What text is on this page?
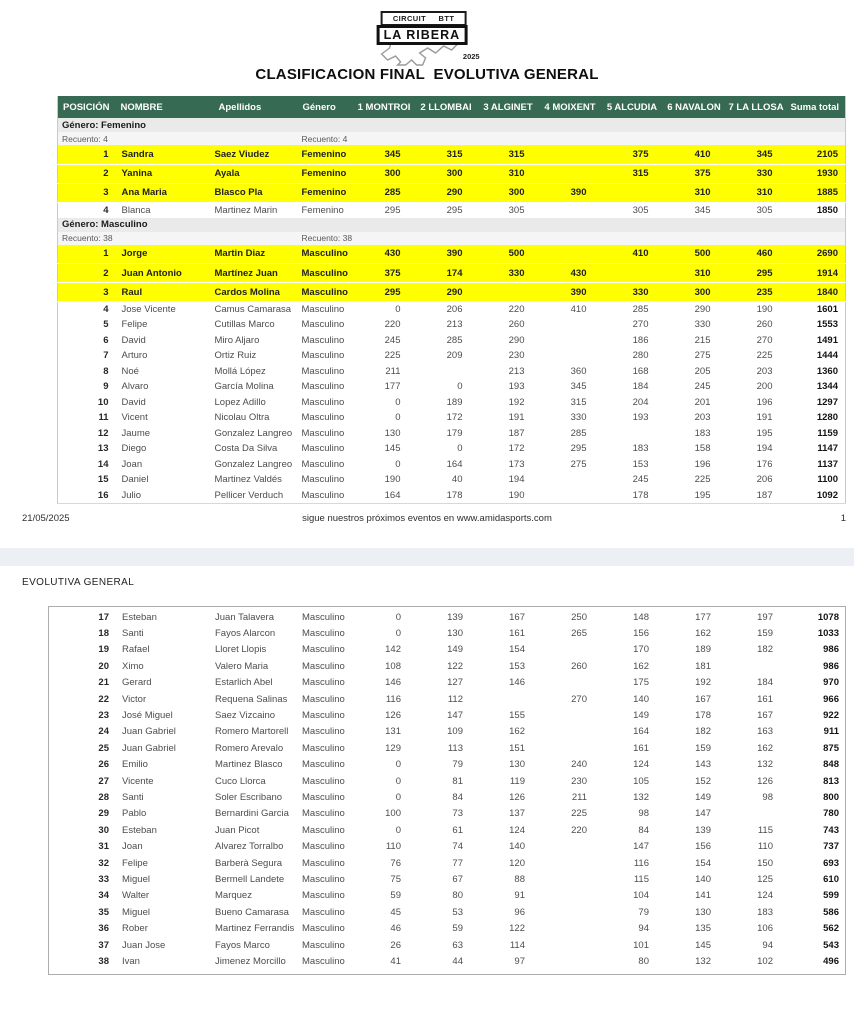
CIRCUIT BTT
LA RIBERA
2025
CLASIFICACION FINAL  EVOLUTIVA GENERAL
POSICIÓN	NOMBRE	Apellidos	Género	1 MONTROI	2 LLOMBAI	3 ALGINET	4 MOIXENT	5 ALCUDIA	6 NAVALON	7 LA LLOSA	Suma total
Género: Femenino											
Recuento: 4			Recuento: 4								
1	Sandra	Saez Viudez	Femenino	345	315	315		375	410	345	2105
2	Yanina	Ayala	Femenino	300	300	310		315	375	330	1930
3	Ana Maria	Blasco Pla	Femenino	285	290	300	390		310	310	1885
4	Blanca	Martinez Marin	Femenino	295	295	305		305	345	305	1850
Género: Masculino											
Recuento: 38			Recuento: 38								
1	Jorge	Martin Diaz	Masculino	430	390	500		410	500	460	2690
2	Juan Antonio	Martínez Juan	Masculino	375	174	330	430		310	295	1914
3	Raul	Cardos Molina	Masculino	295	290		390	330	300	235	1840
4	Jose Vicente	Camus Camarasa	Masculino	0	206	220	410	285	290	190	1601
5	Felipe	Cutillas Marco	Masculino	220	213	260		270	330	260	1553
6	David	Miro Aljaro	Masculino	245	285	290		186	215	270	1491
7	Arturo	Ortiz Ruiz	Masculino	225	209	230		280	275	225	1444
8	Noé	Mollá López	Masculino	211		213	360	168	205	203	1360
9	Alvaro	García Molina	Masculino	177	0	193	345	184	245	200	1344
10	David	Lopez Adillo	Masculino	0	189	192	315	204	201	196	1297
11	Vicent	Nicolau Oltra	Masculino	0	172	191	330	193	203	191	1280
12	Jaume	Gonzalez Langreo	Masculino	130	179	187	285		183	195	1159
13	Diego	Costa Da Silva	Masculino	145	0	172	295	183	158	194	1147
14	Joan	Gonzalez Langreo	Masculino	0	164	173	275	153	196	176	1137
15	Daniel	Martinez Valdés	Masculino	190	40	194		245	225	206	1100
16	Julio	Pellicer Verduch	Masculino	164	178	190		178	195	187	1092
21/05/2025	sigue nuestros próximos eventos en www.amidasports.com	1
EVOLUTIVA GENERAL
17	Esteban	Juan Talavera	Masculino	0	139	167	250	148	177	197	1078
18	Santi	Fayos Alarcon	Masculino	0	130	161	265	156	162	159	1033
19	Rafael	Lloret Llopis	Masculino	142	149	154		170	189	182	986
20	Ximo	Valero Maria	Masculino	108	122	153	260	162	181		986
21	Gerard	Estarlich Abel	Masculino	146	127	146		175	192	184	970
22	Victor	Requena Salinas	Masculino	116	112		270	140	167	161	966
23	José Miguel	Saez Vizcaino	Masculino	126	147	155		149	178	167	922
24	Juan Gabriel	Romero Martorell	Masculino	131	109	162		164	182	163	911
25	Juan Gabriel	Romero Arevalo	Masculino	129	113	151		161	159	162	875
26	Emilio	Martinez Blasco	Masculino	0	79	130	240	124	143	132	848
27	Vicente	Cuco Llorca	Masculino	0	81	119	230	105	152	126	813
28	Santi	Soler Escribano	Masculino	0	84	126	211	132	149	98	800
29	Pablo	Bernardini Garcia	Masculino	100	73	137	225	98	147		780
30	Esteban	Juan Picot	Masculino	0	61	124	220	84	139	115	743
31	Joan	Alvarez Torralbo	Masculino	110	74	140		147	156	110	737
32	Felipe	Barberà Segura	Masculino	76	77	120		116	154	150	693
33	Miguel	Bermell Landete	Masculino	75	67	88		115	140	125	610
34	Walter	Marquez	Masculino	59	80	91		104	141	124	599
35	Miguel	Bueno Camarasa	Masculino	45	53	96		79	130	183	586
36	Rober	Martinez Ferrandis	Masculino	46	59	122		94	135	106	562
37	Juan Jose	Fayos Marco	Masculino	26	63	114		101	145	94	543
38	Ivan	Jimenez Morcillo	Masculino	41	44	97		80	132	102	496
